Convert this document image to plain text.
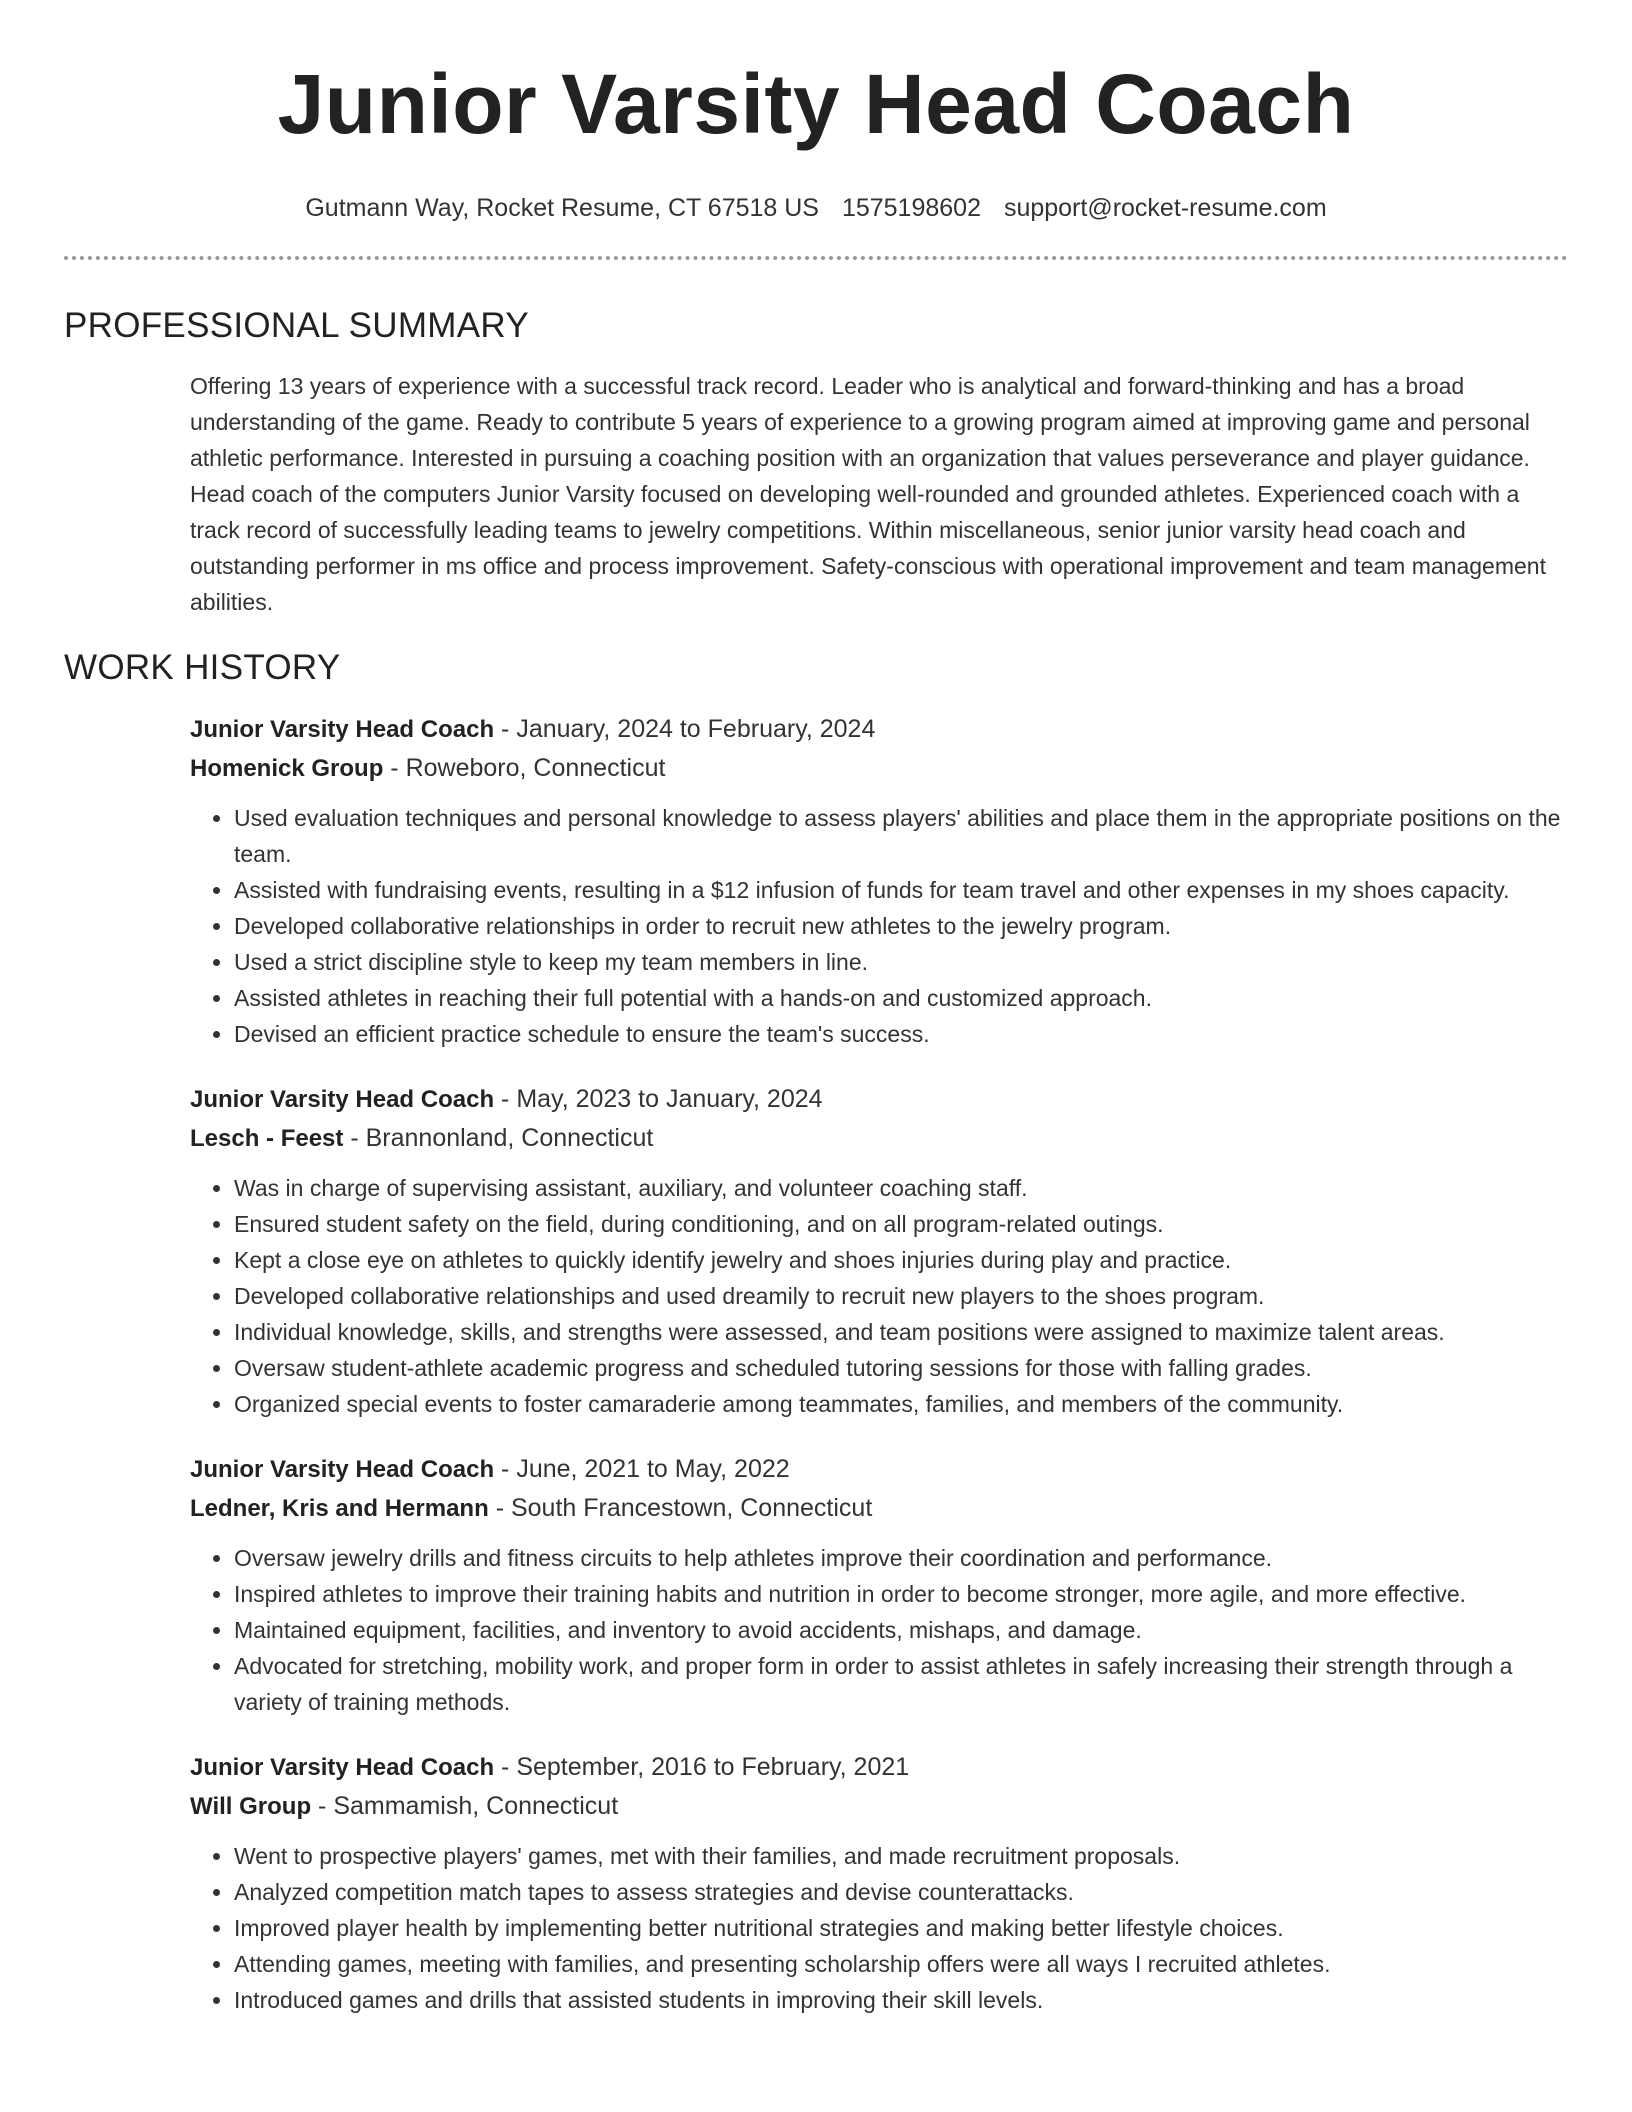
Junior Varsity Head Coach
Gutmann Way, Rocket Resume, CT 67518 US 1575198602 support@rocket-resume.com
PROFESSIONAL SUMMARY

Offering 13 years of experience with a successful track record. Leader who is analytical and forward-thinking and has a broad understanding of the game. Ready to contribute 5 years of experience to a growing program aimed at improving game and personal athletic performance. Interested in pursuing a coaching position with an organization that values perseverance and player guidance. Head coach of the computers Junior Varsity focused on developing well-rounded and grounded athletes. Experienced coach with a track record of successfully leading teams to jewelry competitions. Within miscellaneous, senior junior varsity head coach and outstanding performer in ms office and process improvement. Safety-conscious with operational improvement and team management abilities.

WORK HISTORY
Junior Varsity Head Coach - January, 2024 to February, 2024
Homenick Group - Roweboro, Connecticut
• Used evaluation techniques and personal knowledge to assess players' abilities and place them in the appropriate positions on the team.
• Assisted with fundraising events, resulting in a $12 infusion of funds for team travel and other expenses in my shoes capacity.
• Developed collaborative relationships in order to recruit new athletes to the jewelry program.
• Used a strict discipline style to keep my team members in line.
• Assisted athletes in reaching their full potential with a hands-on and customized approach.
• Devised an efficient practice schedule to ensure the team's success.
Junior Varsity Head Coach - May, 2023 to January, 2024
Lesch - Feest - Brannonland, Connecticut
• Was in charge of supervising assistant, auxiliary, and volunteer coaching staff.
• Ensured student safety on the field, during conditioning, and on all program-related outings.
• Kept a close eye on athletes to quickly identify jewelry and shoes injuries during play and practice.
• Developed collaborative relationships and used dreamily to recruit new players to the shoes program.
• Individual knowledge, skills, and strengths were assessed, and team positions were assigned to maximize talent areas.
• Oversaw student-athlete academic progress and scheduled tutoring sessions for those with falling grades.
• Organized special events to foster camaraderie among teammates, families, and members of the community.
Junior Varsity Head Coach - June, 2021 to May, 2022
Ledner, Kris and Hermann - South Francestown, Connecticut
• Oversaw jewelry drills and fitness circuits to help athletes improve their coordination and performance.
• Inspired athletes to improve their training habits and nutrition in order to become stronger, more agile, and more effective.
• Maintained equipment, facilities, and inventory to avoid accidents, mishaps, and damage.
• Advocated for stretching, mobility work, and proper form in order to assist athletes in safely increasing their strength through a variety of training methods.
Junior Varsity Head Coach - September, 2016 to February, 2021
Will Group - Sammamish, Connecticut
• Went to prospective players' games, met with their families, and made recruitment proposals.
• Analyzed competition match tapes to assess strategies and devise counterattacks.
• Improved player health by implementing better nutritional strategies and making better lifestyle choices.
• Attending games, meeting with families, and presenting scholarship offers were all ways I recruited athletes.
• Introduced games and drills that assisted students in improving their skill levels.
